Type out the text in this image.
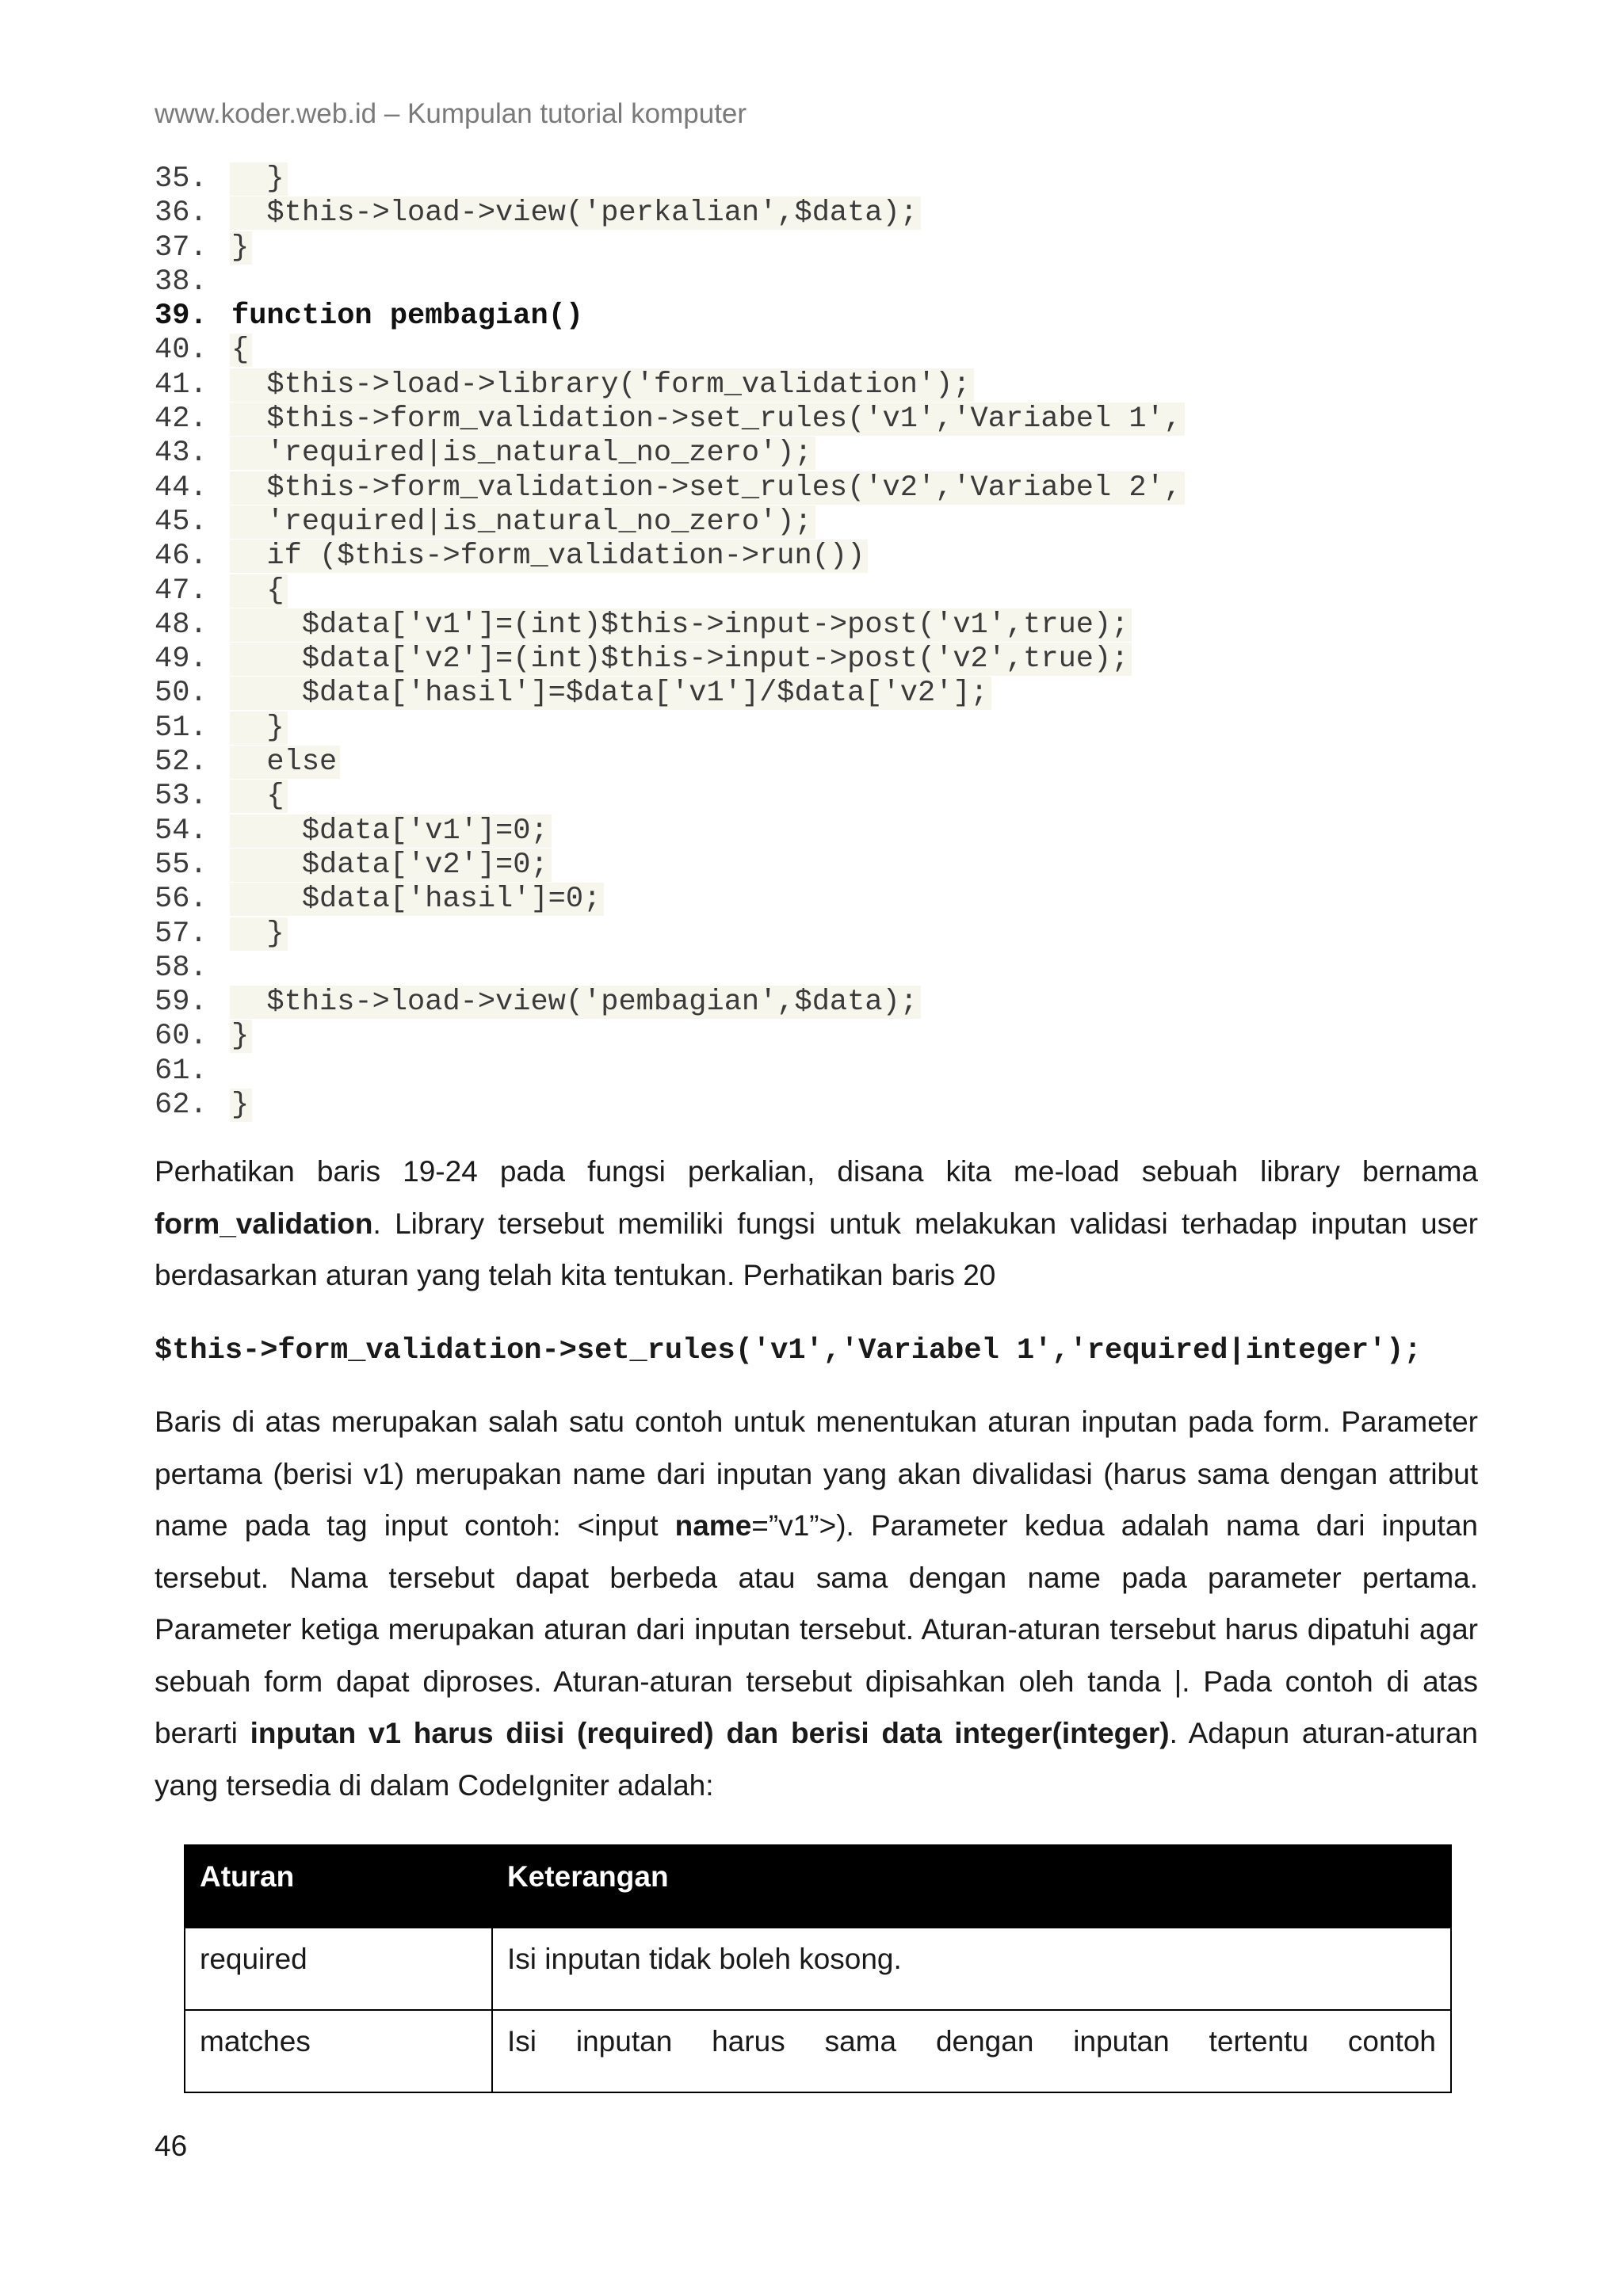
www.koder.web.id – Kumpulan tutorial komputer
35.  }
36.  $this->load->view('perkalian',$data);
37. }
38.
39. function pembagian()
40. {
41.  $this->load->library('form_validation');
42.  $this->form_validation->set_rules('v1','Variabel 1',
43.  'required|is_natural_no_zero');
44.  $this->form_validation->set_rules('v2','Variabel 2',
45.  'required|is_natural_no_zero');
46.  if ($this->form_validation->run())
47.  {
48.    $data['v1']=(int)$this->input->post('v1',true);
49.    $data['v2']=(int)$this->input->post('v2',true);
50.    $data['hasil']=$data['v1']/$data['v2'];
51.  }
52.  else
53.  {
54.    $data['v1']=0;
55.    $data['v2']=0;
56.    $data['hasil']=0;
57.  }
58.
59.  $this->load->view('pembagian',$data);
60. }
61.
62. }
Perhatikan baris 19-24 pada fungsi perkalian, disana kita me-load sebuah library bernama form_validation. Library tersebut memiliki fungsi untuk melakukan validasi terhadap inputan user berdasarkan aturan yang telah kita tentukan. Perhatikan baris 20
$this->form_validation->set_rules('v1','Variabel 1','required|integer');
Baris di atas merupakan salah satu contoh untuk menentukan aturan inputan pada form. Parameter pertama (berisi v1) merupakan name dari inputan yang akan divalidasi (harus sama dengan attribut name pada tag input contoh: <input name=”v1”>). Parameter kedua adalah nama dari inputan tersebut. Nama tersebut dapat berbeda atau sama dengan name pada parameter pertama. Parameter ketiga merupakan aturan dari inputan tersebut. Aturan-aturan tersebut harus dipatuhi agar sebuah form dapat diproses. Aturan-aturan tersebut dipisahkan oleh tanda |. Pada contoh di atas berarti inputan v1 harus diisi (required) dan berisi data integer(integer). Adapun aturan-aturan yang tersedia di dalam CodeIgniter adalah:
Aturan	Keterangan
required	Isi inputan tidak boleh kosong.
matches	Isi inputan harus sama dengan inputan tertentu contoh
46
